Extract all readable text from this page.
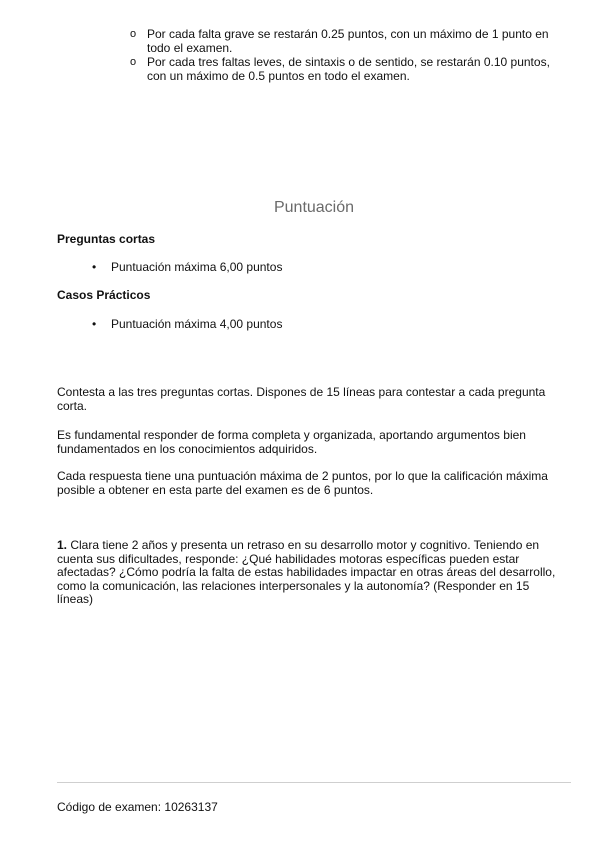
o Por cada falta grave se restarán 0.25 puntos, con un máximo de 1 punto en todo el examen.
o Por cada tres faltas leves, de sintaxis o de sentido, se restarán 0.10 puntos, con un máximo de 0.5 puntos en todo el examen.
Puntuación
Preguntas cortas
• Puntuación máxima 6,00 puntos
Casos Prácticos
• Puntuación máxima 4,00 puntos

Contesta a las tres preguntas cortas. Dispones de 15 líneas para contestar a cada pregunta corta.

Es fundamental responder de forma completa y organizada, aportando argumentos bien fundamentados en los conocimientos adquiridos.

Cada respuesta tiene una puntuación máxima de 2 puntos, por lo que la calificación máxima posible a obtener en esta parte del examen es de 6 puntos.

1. Clara tiene 2 años y presenta un retraso en su desarrollo motor y cognitivo. Teniendo en cuenta sus dificultades, responde: ¿Qué habilidades motoras específicas pueden estar afectadas? ¿Cómo podría la falta de estas habilidades impactar en otras áreas del desarrollo, como la comunicación, las relaciones interpersonales y la autonomía? (Responder en 15 líneas)

Código de examen: 10263137
